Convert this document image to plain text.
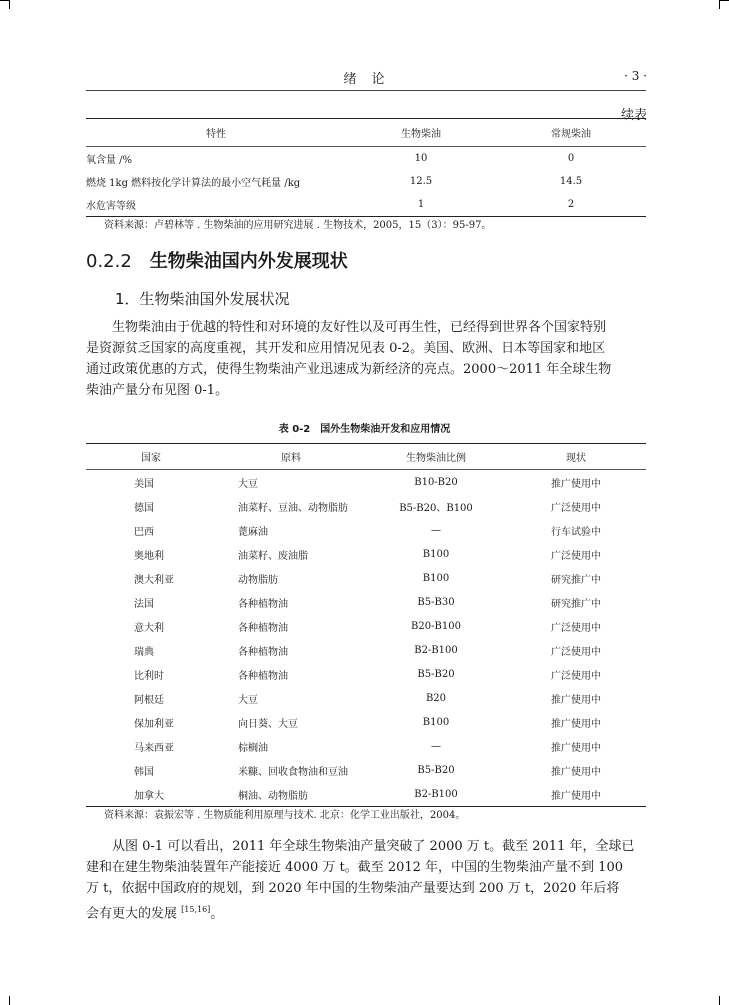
绪　论	· 3 ·
续表
特性	生物柴油	常规柴油
氧含量 /%	10	0
燃烧 1kg 燃料按化学计算法的最小空气耗量 /kg	12.5	14.5
水危害等级	1	2
资料来源：卢碧林等 . 生物柴油的应用研究进展 . 生物技术，2005，15（3）：95-97。
0.2.2 生物柴油国内外发展现状
1．生物柴油国外发展状况
生物柴油由于优越的特性和对环境的友好性以及可再生性，已经得到世界各个国家特别
是资源贫乏国家的高度重视，其开发和应用情况见表 0-2。美国、欧洲、日本等国家和地区
通过政策优惠的方式，使得生物柴油产业迅速成为新经济的亮点。2000～2011 年全球生物
柴油产量分布见图 0-1。
表 0-2 国外生物柴油开发和应用情况
国家	原料	生物柴油比例	现状
美国	大豆	B10-B20	推广使用中
德国	油菜籽、豆油、动物脂肪	B5-B20、B100	广泛使用中
巴西	蓖麻油	—	行车试验中
奥地利	油菜籽、废油脂	B100	广泛使用中
澳大利亚	动物脂肪	B100	研究推广中
法国	各种植物油	B5-B30	研究推广中
意大利	各种植物油	B20-B100	广泛使用中
瑞典	各种植物油	B2-B100	广泛使用中
比利时	各种植物油	B5-B20	广泛使用中
阿根廷	大豆	B20	推广使用中
保加利亚	向日葵、大豆	B100	推广使用中
马来西亚	棕榈油	—	推广使用中
韩国	米糠、回收食物油和豆油	B5-B20	推广使用中
加拿大	桐油、动物脂肪	B2-B100	推广使用中
资料来源：袁振宏等 . 生物质能利用原理与技术. 北京：化学工业出版社，2004。
从图 0-1 可以看出，2011 年全球生物柴油产量突破了 2000 万 t。截至 2011 年，全球已
建和在建生物柴油装置年产能接近 4000 万 t。截至 2012 年，中国的生物柴油产量不到 100
万 t，依据中国政府的规划，到 2020 年中国的生物柴油产量要达到 200 万 t，2020 年后将
会有更大的发展 [15,16]。
